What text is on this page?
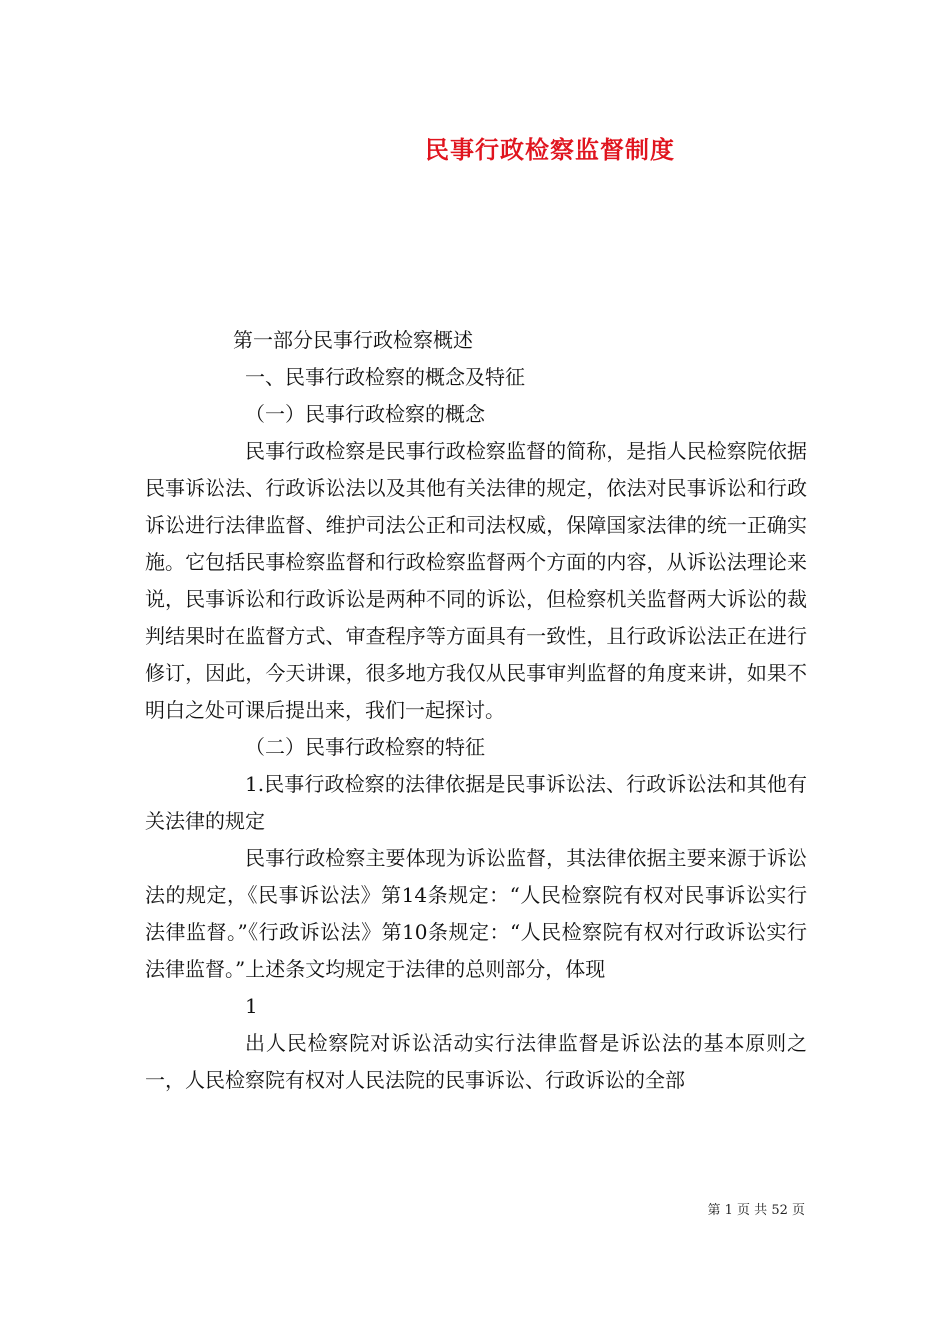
民事行政检察监督制度

第一部分民事行政检察概述

一、民事行政检察的概念及特征

（一）民事行政检察的概念

民事行政检察是民事行政检察监督的简称，是指人民检察院依据民事诉讼法、行政诉讼法以及其他有关法律的规定，依法对民事诉讼和行政诉讼进行法律监督、维护司法公正和司法权威，保障国家法律的统一正确实施。它包括民事检察监督和行政检察监督两个方面的内容，从诉讼法理论来说，民事诉讼和行政诉讼是两种不同的诉讼，但检察机关监督两大诉讼的裁判结果时在监督方式、审查程序等方面具有一致性，且行政诉讼法正在进行修订，因此，今天讲课，很多地方我仅从民事审判监督的角度来讲，如果不明白之处可课后提出来，我们一起探讨。

（二）民事行政检察的特征

1.民事行政检察的法律依据是民事诉讼法、行政诉讼法和其他有关法律的规定

民事行政检察主要体现为诉讼监督，其法律依据主要来源于诉讼法的规定，《民事诉讼法》第14条规定：“人民检察院有权对民事诉讼实行法律监督。”《行政诉讼法》第10条规定：“人民检察院有权对行政诉讼实行法律监督。”上述条文均规定于法律的总则部分，体现

1

出人民检察院对诉讼活动实行法律监督是诉讼法的基本原则之一，人民检察院有权对人民法院的民事诉讼、行政诉讼的全部

第 1 页 共 52 页
